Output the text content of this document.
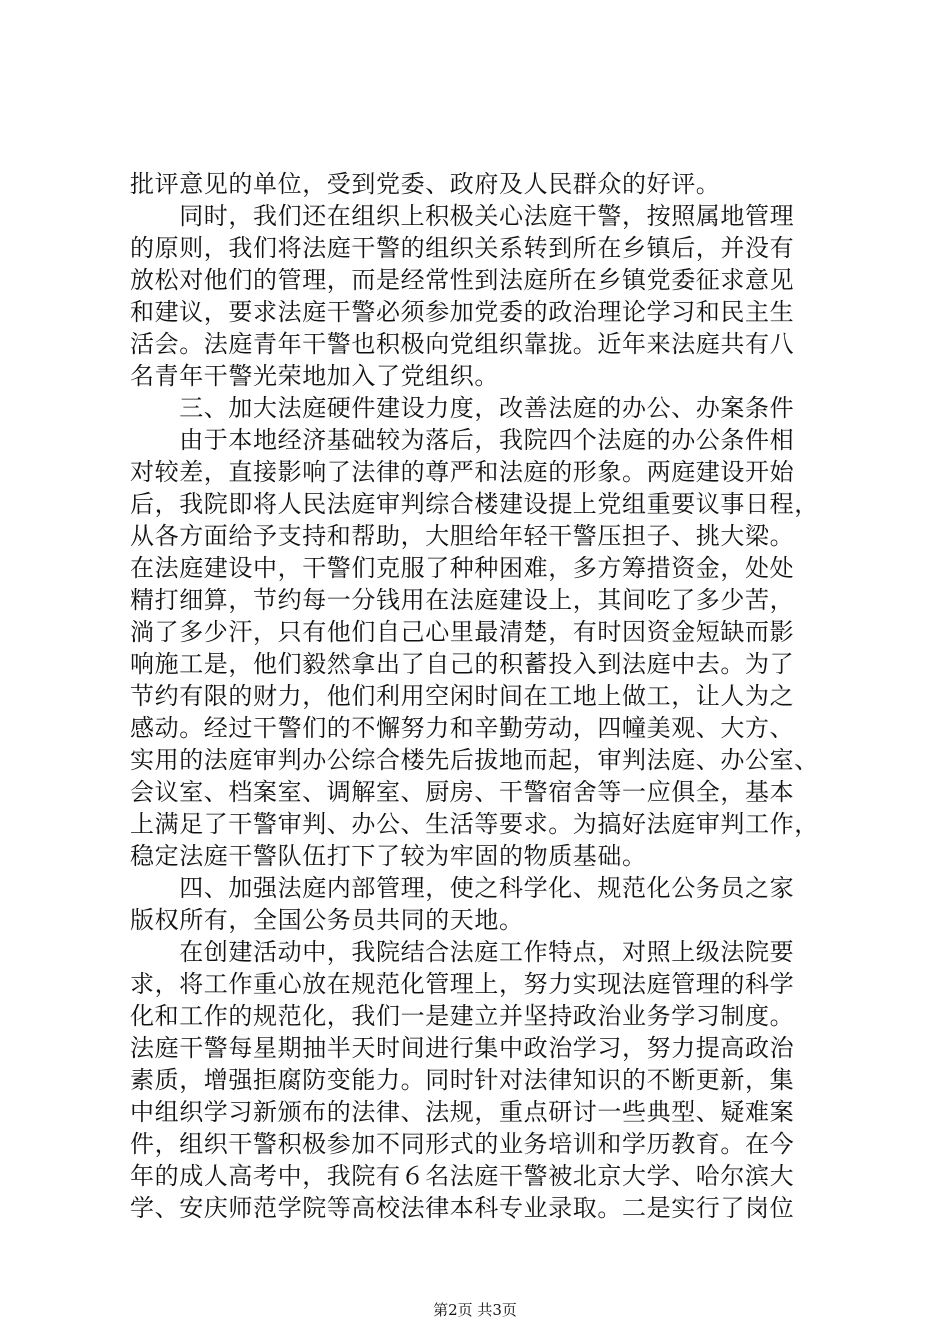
批评意见的单位，受到党委、政府及人民群众的好评。
　　同时，我们还在组织上积极关心法庭干警，按照属地管理
的原则，我们将法庭干警的组织关系转到所在乡镇后，并没有
放松对他们的管理，而是经常性到法庭所在乡镇党委征求意见
和建议，要求法庭干警必须参加党委的政治理论学习和民主生
活会。法庭青年干警也积极向党组织靠拢。近年来法庭共有八
名青年干警光荣地加入了党组织。
　　三、加大法庭硬件建设力度，改善法庭的办公、办案条件
　　由于本地经济基础较为落后，我院四个法庭的办公条件相
对较差，直接影响了法律的尊严和法庭的形象。两庭建设开始
后，我院即将人民法庭审判综合楼建设提上党组重要议事日程，
从各方面给予支持和帮助，大胆给年轻干警压担子、挑大梁。
在法庭建设中，干警们克服了种种困难，多方筹措资金，处处
精打细算，节约每一分钱用在法庭建设上，其间吃了多少苦，
淌了多少汗，只有他们自己心里最清楚，有时因资金短缺而影
响施工是，他们毅然拿出了自己的积蓄投入到法庭中去。为了
节约有限的财力，他们利用空闲时间在工地上做工，让人为之
感动。经过干警们的不懈努力和辛勤劳动，四幢美观、大方、
实用的法庭审判办公综合楼先后拔地而起，审判法庭、办公室、
会议室、档案室、调解室、厨房、干警宿舍等一应俱全，基本
上满足了干警审判、办公、生活等要求。为搞好法庭审判工作，
稳定法庭干警队伍打下了较为牢固的物质基础。
　　四、加强法庭内部管理，使之科学化、规范化公务员之家
版权所有，全国公务员共同的天地。
　　在创建活动中，我院结合法庭工作特点，对照上级法院要
求，将工作重心放在规范化管理上，努力实现法庭管理的科学
化和工作的规范化，我们一是建立并坚持政治业务学习制度。
法庭干警每星期抽半天时间进行集中政治学习，努力提高政治
素质，增强拒腐防变能力。同时针对法律知识的不断更新，集
中组织学习新颁布的法律、法规，重点研讨一些典型、疑难案
件，组织干警积极参加不同形式的业务培训和学历教育。在今
年的成人高考中，我院有６名法庭干警被北京大学、哈尔滨大
学、安庆师范学院等高校法律本科专业录取。二是实行了岗位
第2页 共3页
